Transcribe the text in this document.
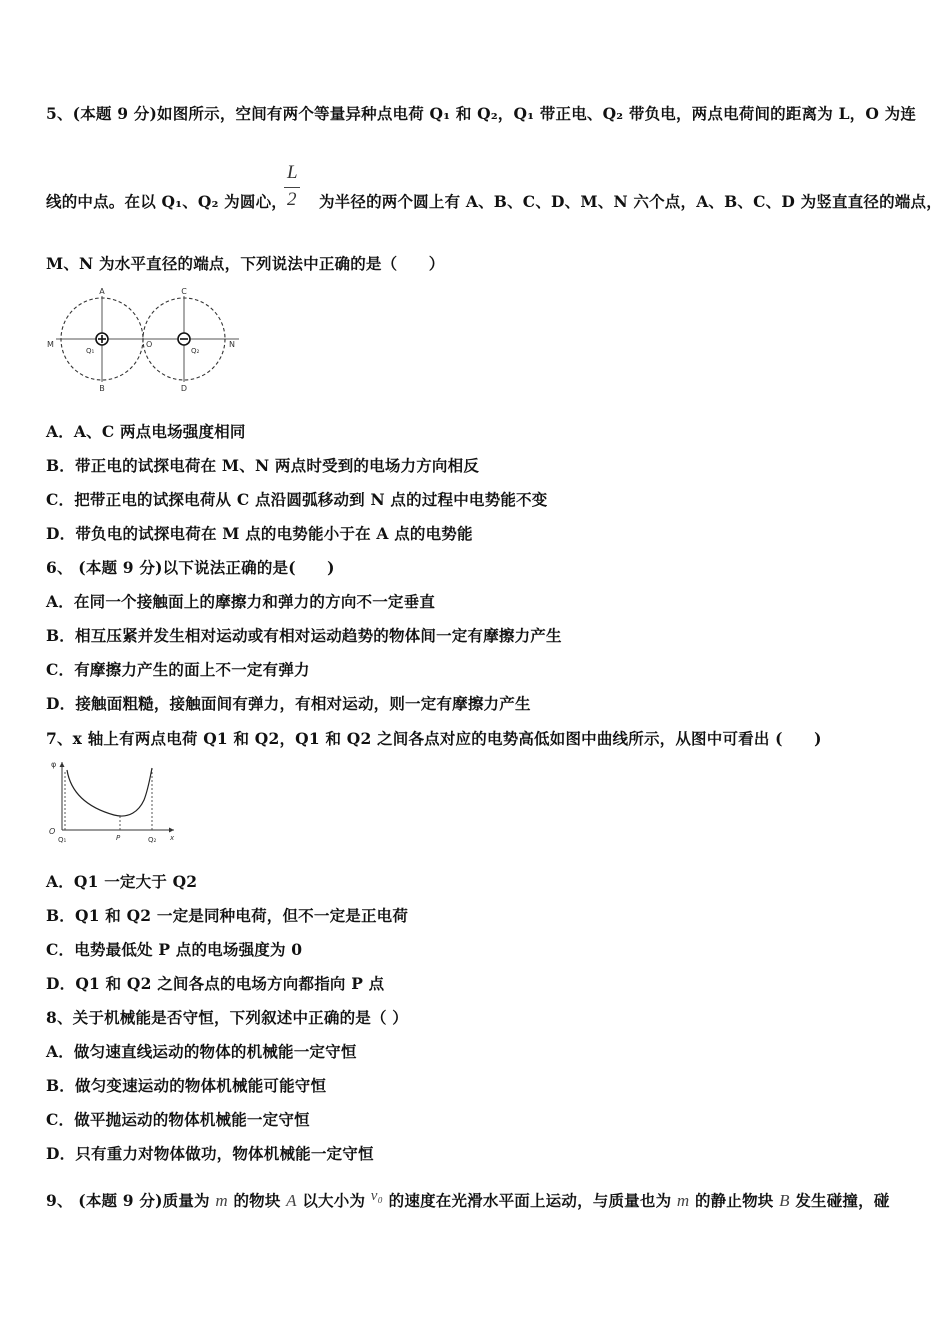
5、(本题 9 分)如图所示，空间有两个等量异种点电荷 Q₁ 和 Q₂，Q₁ 带正电、Q₂ 带负电，两点电荷间的距离为 L，O 为连
线的中点。在以 Q₁、Q₂ 为圆心， 为半径的两个圆上有 A、B、C、D、M、N 六个点，A、B、C、D 为竖直直径的端点，
L
2
M、N 为水平直径的端点，下列说法中正确的是（　　）
A
B
C
D
M	N
O
Q₁	Q₂
A．A、C 两点电场强度相同
B．带正电的试探电荷在 M、N 两点时受到的电场力方向相反
C．把带正电的试探电荷从 C 点沿圆弧移动到 N 点的过程中电势能不变
D．带负电的试探电荷在 M 点的电势能小于在 A 点的电势能
6、 (本题 9 分)以下说法正确的是(　　)
A．在同一个接触面上的摩擦力和弹力的方向不一定垂直
B．相互压紧并发生相对运动或有相对运动趋势的物体间一定有摩擦力产生
C．有摩擦力产生的面上不一定有弹力
D．接触面粗糙，接触面间有弹力，有相对运动，则一定有摩擦力产生
7、x 轴上有两点电荷 Q1 和 Q2，Q1 和 Q2 之间各点对应的电势高低如图中曲线所示，从图中可看出 (　　)
φ
O
Q₁	P	Q₂ x
A．Q1 一定大于 Q2
B．Q1 和 Q2 一定是同种电荷，但不一定是正电荷
C．电势最低处 P 点的电场强度为 0
D．Q1 和 Q2 之间各点的电场方向都指向 P 点
8、关于机械能是否守恒，下列叙述中正确的是（ ）
A．做匀速直线运动的物体的机械能一定守恒
B．做匀变速运动的物体机械能可能守恒
C．做平抛运动的物体机械能一定守恒
D．只有重力对物体做功，物体机械能一定守恒
9、 (本题 9 分)质量为 m 的物块 A 以大小为 v₀ 的速度在光滑水平面上运动，与质量也为 m 的静止物块 B 发生碰撞，碰
